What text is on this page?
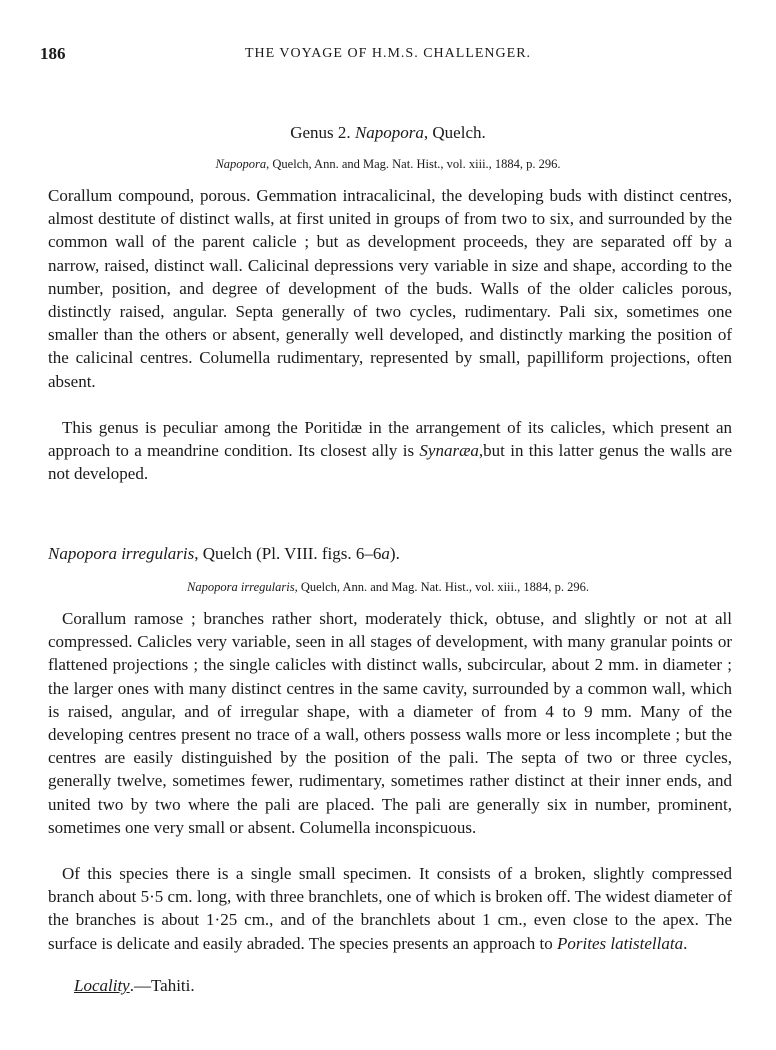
186	THE VOYAGE OF H.M.S. CHALLENGER.
Genus 2. Napopora, Quelch.
Napopora, Quelch, Ann. and Mag. Nat. Hist., vol. xiii., 1884, p. 296.

Corallum compound, porous. Gemmation intracalicinal, the developing buds with distinct centres, almost destitute of distinct walls, at first united in groups of from two to six, and surrounded by the common wall of the parent calicle ; but as development proceeds, they are separated off by a narrow, raised, distinct wall. Calicinal depressions very variable in size and shape, according to the number, position, and degree of development of the buds. Walls of the older calicles porous, distinctly raised, angular. Septa generally of two cycles, rudimentary. Pali six, sometimes one smaller than the others or absent, generally well developed, and distinctly marking the position of the calicinal centres. Columella rudimentary, represented by small, papilliform projections, often absent.

This genus is peculiar among the Poritidæ in the arrangement of its calicles, which present an approach to a meandrine condition. Its closest ally is Synaræa,but in this latter genus the walls are not developed.

Napopora irregularis, Quelch (Pl. VIII. figs. 6–6a).
Napopora irregularis, Quelch, Ann. and Mag. Nat. Hist., vol. xiii., 1884, p. 296.

Corallum ramose ; branches rather short, moderately thick, obtuse, and slightly or not at all compressed. Calicles very variable, seen in all stages of development, with many granular points or flattened projections ; the single calicles with distinct walls, subcircular, about 2 mm. in diameter ; the larger ones with many distinct centres in the same cavity, surrounded by a common wall, which is raised, angular, and of irregular shape, with a diameter of from 4 to 9 mm. Many of the developing centres present no trace of a wall, others possess walls more or less incomplete ; but the centres are easily distinguished by the position of the pali. The septa of two or three cycles, generally twelve, sometimes fewer, rudimentary, sometimes rather distinct at their inner ends, and united two by two where the pali are placed. The pali are generally six in number, prominent, sometimes one very small or absent. Columella inconspicuous.

Of this species there is a single small specimen. It consists of a broken, slightly compressed branch about 5·5 cm. long, with three branchlets, one of which is broken off. The widest diameter of the branches is about 1·25 cm., and of the branchlets about 1 cm., even close to the apex. The surface is delicate and easily abraded. The species presents an approach to Porites latistellata.

Locality.—Tahiti.
